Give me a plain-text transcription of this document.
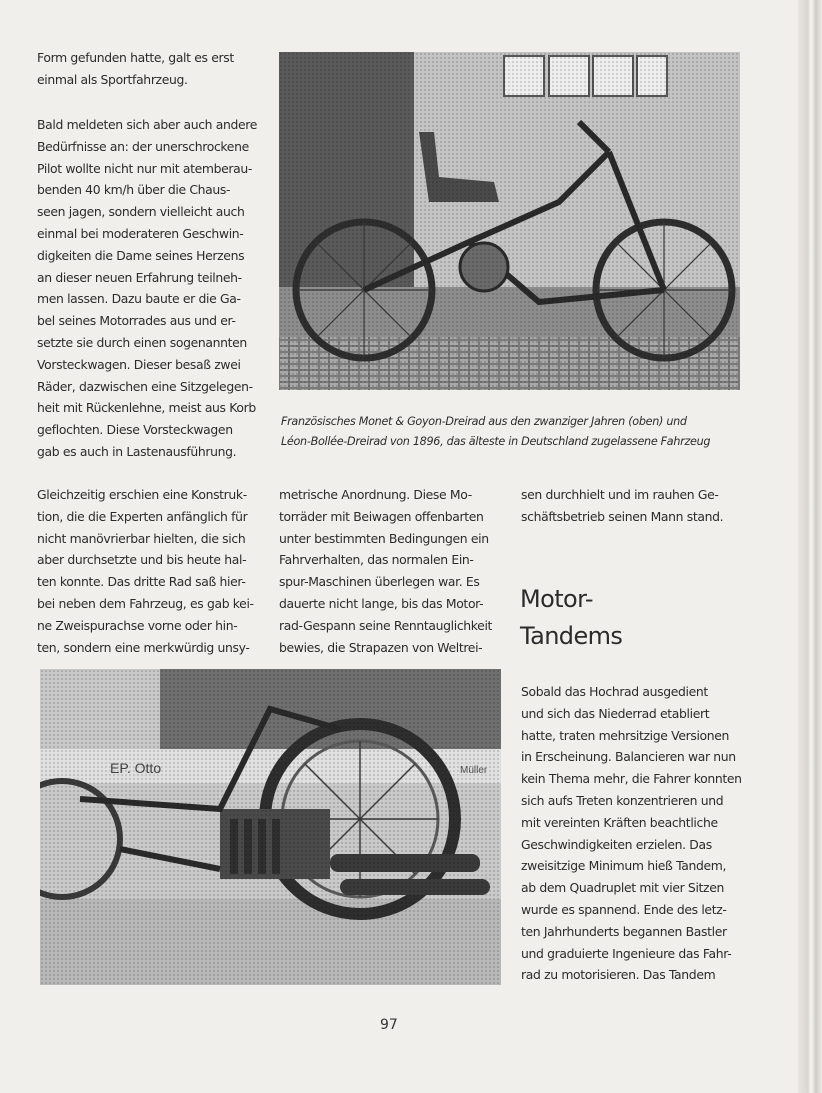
Form gefunden hatte, galt es erst
einmal als Sportfahrzeug.

Bald meldeten sich aber auch andere
Bedürfnisse an: der unerschrockene
Pilot wollte nicht nur mit atemberau-
benden 40 km/h über die Chaus-
seen jagen, sondern vielleicht auch
einmal bei moderateren Geschwin-
digkeiten die Dame seines Herzens
an dieser neuen Erfahrung teilneh-
men lassen. Dazu baute er die Ga-
bel seines Motorrades aus und er-
setzte sie durch einen sogenannten
Vorsteckwagen. Dieser besaß zwei
Räder, dazwischen eine Sitzgelegen-
heit mit Rückenlehne, meist aus Korb
geflochten. Diese Vorsteckwagen
gab es auch in Lastenausführung.

Französisches Monet & Goyon-Dreirad aus den zwanziger Jahren (oben) und
Léon-Bollée-Dreirad von 1896, das älteste in Deutschland zugelassene Fahrzeug

Gleichzeitig erschien eine Konstruk-
tion, die die Experten anfänglich für
nicht manövrierbar hielten, die sich
aber durchsetzte und bis heute hal-
ten konnte. Das dritte Rad saß hier-
bei neben dem Fahrzeug, es gab kei-
ne Zweispurachse vorne oder hin-
ten, sondern eine merkwürdig unsy-

metrische Anordnung. Diese Mo-
torräder mit Beiwagen offenbarten
unter bestimmten Bedingungen ein
Fahrverhalten, das normalen Ein-
spur-Maschinen überlegen war. Es
dauerte nicht lange, bis das Motor-
rad-Gespann seine Renntauglichkeit
bewies, die Strapazen von Weltrei-

sen durchhielt und im rauhen Ge-
schäftsbetrieb seinen Mann stand.

Motor-
Tandems

Sobald das Hochrad ausgedient
und sich das Niederrad etabliert
hatte, traten mehrsitzige Versionen
in Erscheinung. Balancieren war nun
kein Thema mehr, die Fahrer konnten
sich aufs Treten konzentrieren und
mit vereinten Kräften beachtliche
Geschwindigkeiten erzielen. Das
zweisitzige Minimum hieß Tandem,
ab dem Quadruplet mit vier Sitzen
wurde es spannend. Ende des letz-
ten Jahrhunderts begannen Bastler
und graduierte Ingenieure das Fahr-
rad zu motorisieren. Das Tandem

97
